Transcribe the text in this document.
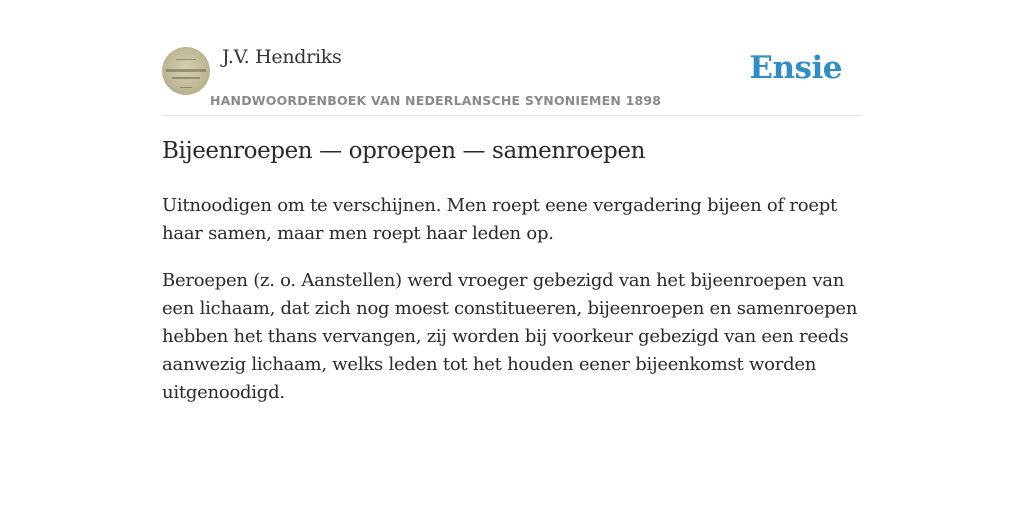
J.V. Hendriks
HANDWOORDENBOEK VAN NEDERLANSCHE SYNONIEMEN 1898
Ensie
Bijeenroepen — oproepen — samenroepen

Uitnoodigen om te verschijnen. Men roept eene vergadering bijeen of roept haar samen, maar men roept haar leden op.

Beroepen (z. o. Aanstellen) werd vroeger gebezigd van het bijeenroepen van een lichaam, dat zich nog moest constitueeren, bijeenroepen en samenroepen hebben het thans vervangen, zij worden bij voorkeur gebezigd van een reeds aanwezig lichaam, welks leden tot het houden eener bijeenkomst worden uitgenoodigd.
